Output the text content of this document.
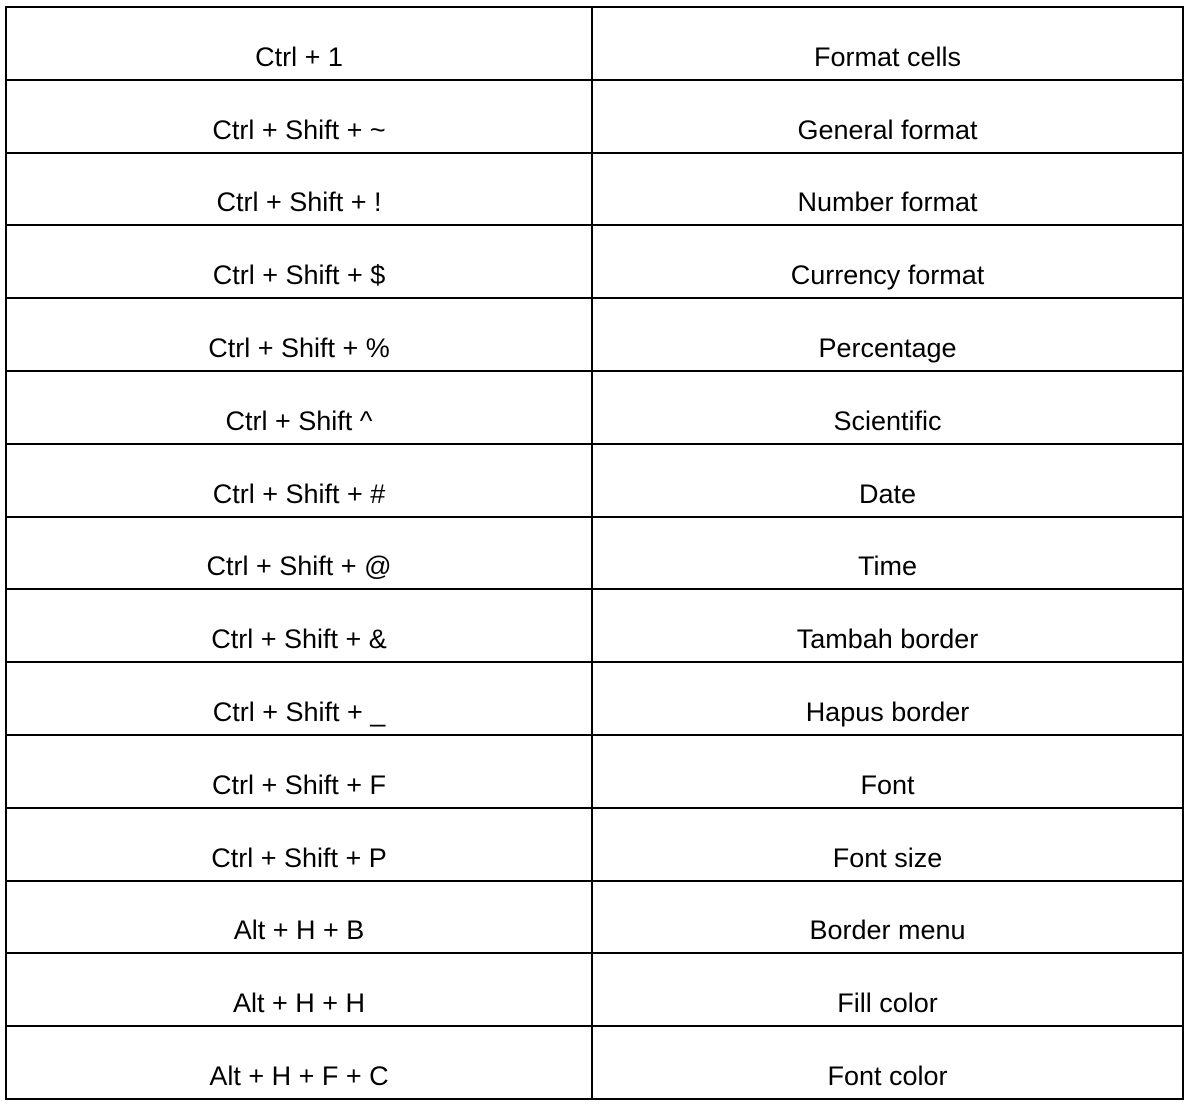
Ctrl + 1	Format cells
Ctrl + Shift + ~	General format
Ctrl + Shift + !	Number format
Ctrl + Shift + $	Currency format
Ctrl + Shift + %	Percentage
Ctrl + Shift ^	Scientific
Ctrl + Shift + #	Date
Ctrl + Shift + @	Time
Ctrl + Shift + &	Tambah border
Ctrl + Shift + _	Hapus border
Ctrl + Shift + F	Font
Ctrl + Shift + P	Font size
Alt + H + B	Border menu
Alt + H + H	Fill color
Alt + H + F + C	Font color
